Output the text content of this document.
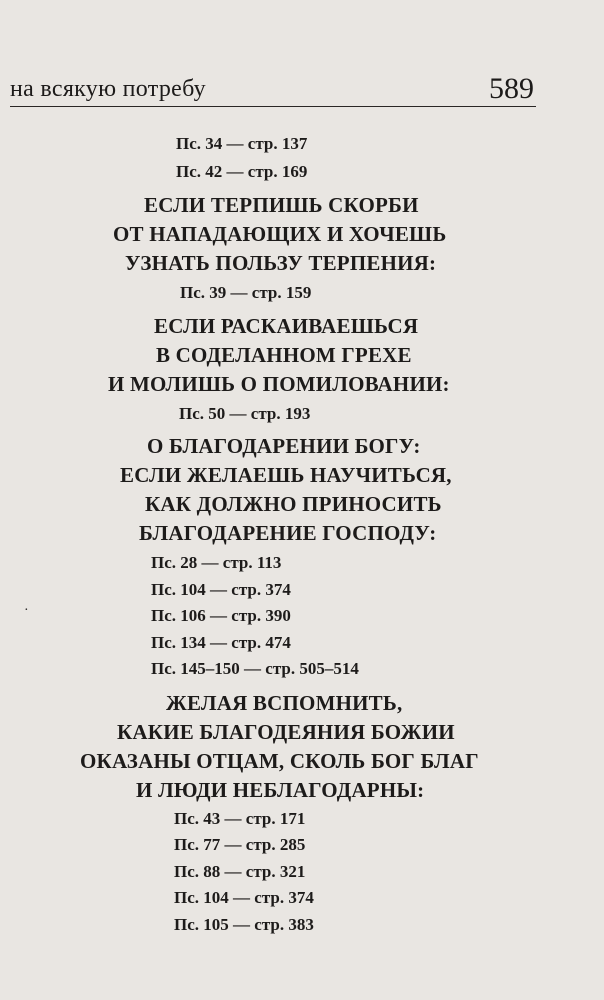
на всякую потребу	589
Пс. 34 — стр. 137
Пс. 42 — стр. 169
ЕСЛИ ТЕРПИШЬ СКОРБИ
ОТ НАПАДАЮЩИХ И ХОЧЕШЬ
УЗНАТЬ ПОЛЬЗУ ТЕРПЕНИЯ:
Пс. 39 — стр. 159
ЕСЛИ РАСКАИВАЕШЬСЯ
В СОДЕЛАННОМ ГРЕХЕ
И МОЛИШЬ О ПОМИЛОВАНИИ:
Пс. 50 — стр. 193
О БЛАГОДАРЕНИИ БОГУ:
ЕСЛИ ЖЕЛАЕШЬ НАУЧИТЬСЯ,
КАК ДОЛЖНО ПРИНОСИТЬ
БЛАГОДАРЕНИЕ ГОСПОДУ:
Пс. 28 — стр. 113
Пс. 104 — стр. 374
Пс. 106 — стр. 390
Пс. 134 — стр. 474
Пс. 145–150 — стр. 505–514
ЖЕЛАЯ ВСПОМНИТЬ,
КАКИЕ БЛАГОДЕЯНИЯ БОЖИИ
ОКАЗАНЫ ОТЦАМ, СКОЛЬ БОГ БЛАГ
И ЛЮДИ НЕБЛАГОДАРНЫ:
Пс. 43 — стр. 171
Пс. 77 — стр. 285
Пс. 88 — стр. 321
Пс. 104 — стр. 374
Пс. 105 — стр. 383
·
